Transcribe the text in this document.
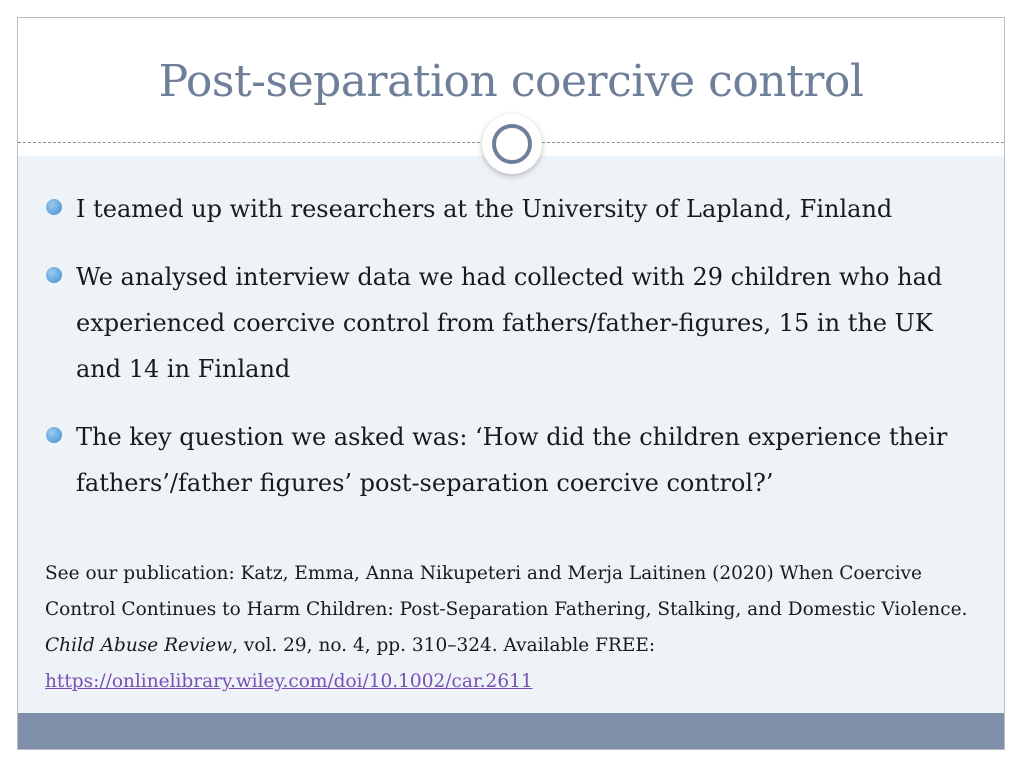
Post-separation coercive control
I teamed up with researchers at the University of Lapland, Finland
We analysed interview data we had collected with 29 children who had experienced coercive control from fathers/father-figures, 15 in the UK and 14 in Finland
The key question we asked was: ‘How did the children experience their fathers’/father figures’ post-separation coercive control?’
See our publication: Katz, Emma, Anna Nikupeteri and Merja Laitinen (2020) When Coercive Control Continues to Harm Children: Post-Separation Fathering, Stalking, and Domestic Violence. Child Abuse Review, vol. 29, no. 4, pp. 310–324. Available FREE:
https://onlinelibrary.wiley.com/doi/10.1002/car.2611
